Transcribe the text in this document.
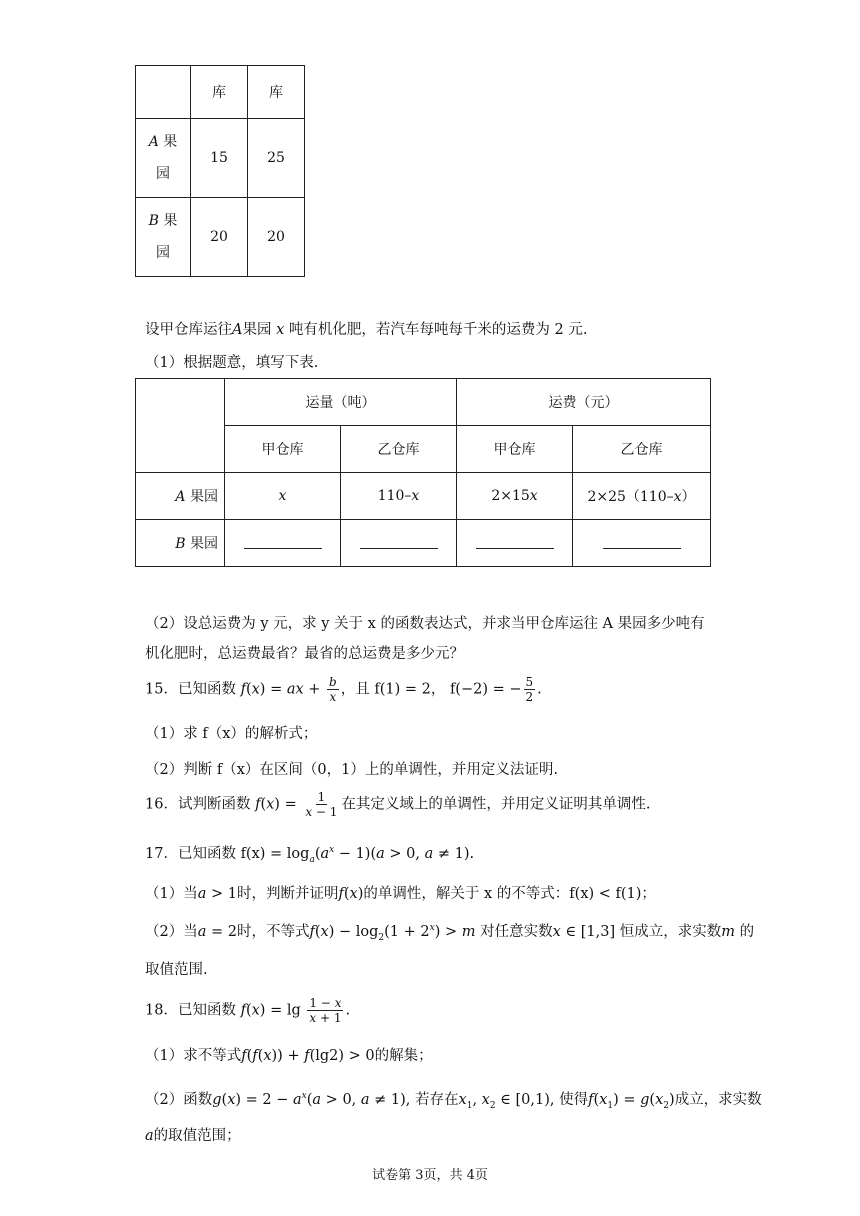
	库	库

A 果
园	15	25

B 果
园	20	20
设甲仓库运往A果园 x 吨有机化肥，若汽车每吨每千米的运费为 2 元.
（1）根据题意，填写下表.
	运量（吨）		运费（元）	
	甲仓库	乙仓库	甲仓库	乙仓库
A 果园	x	110–x	2×15x	2×25（110–x）
B 果园				
（2）设总运费为 y 元，求 y 关于 x 的函数表达式，并求当甲仓库运往 A 果园多少吨有
机化肥时，总运费最省？最省的总运费是多少元？
15．已知函数 f(x) = ax + $\frac{b}{x}$ ，且 f(1) = 2， f(−2) = − $\frac{5}{2}$ .
（1）求 f（x）的解析式；
（2）判断 f（x）在区间（0，1）上的单调性，并用定义法证明.
16．试判断函数 $f(x) = \frac{1}{x - 1}$ 在其定义域上的单调性，并用定义证明其单调性.
17．已知函数 $f(x) = \log_a(a^x - 1)(a > 0$, a ≠ 1).
（1）当a > 1时，判断并证明f(x)的单调性，解关于 x 的不等式：f(x) < f(1)；
（2）当a = 2时，不等式$f(x) - \log_2(1 + 2^x) > m$ 对任意实数x ∈ [1,3] 恒成立，求实数m 的
取值范围.
18．已知函数 $f(x) = \lg \frac{1 - x}{x + 1}$ .
（1）求不等式f(f(x)) + f(lg2) > 0的解集；
（2）函数$g(x) = 2 - a^x(a > 0$, a ≠ 1), 若存在$x_1$, $x_2$ ∈ [0,1), 使得$f(x_1) = g(x_2)$成立，求实数
a的取值范围；
试卷第 3页，共 4页
